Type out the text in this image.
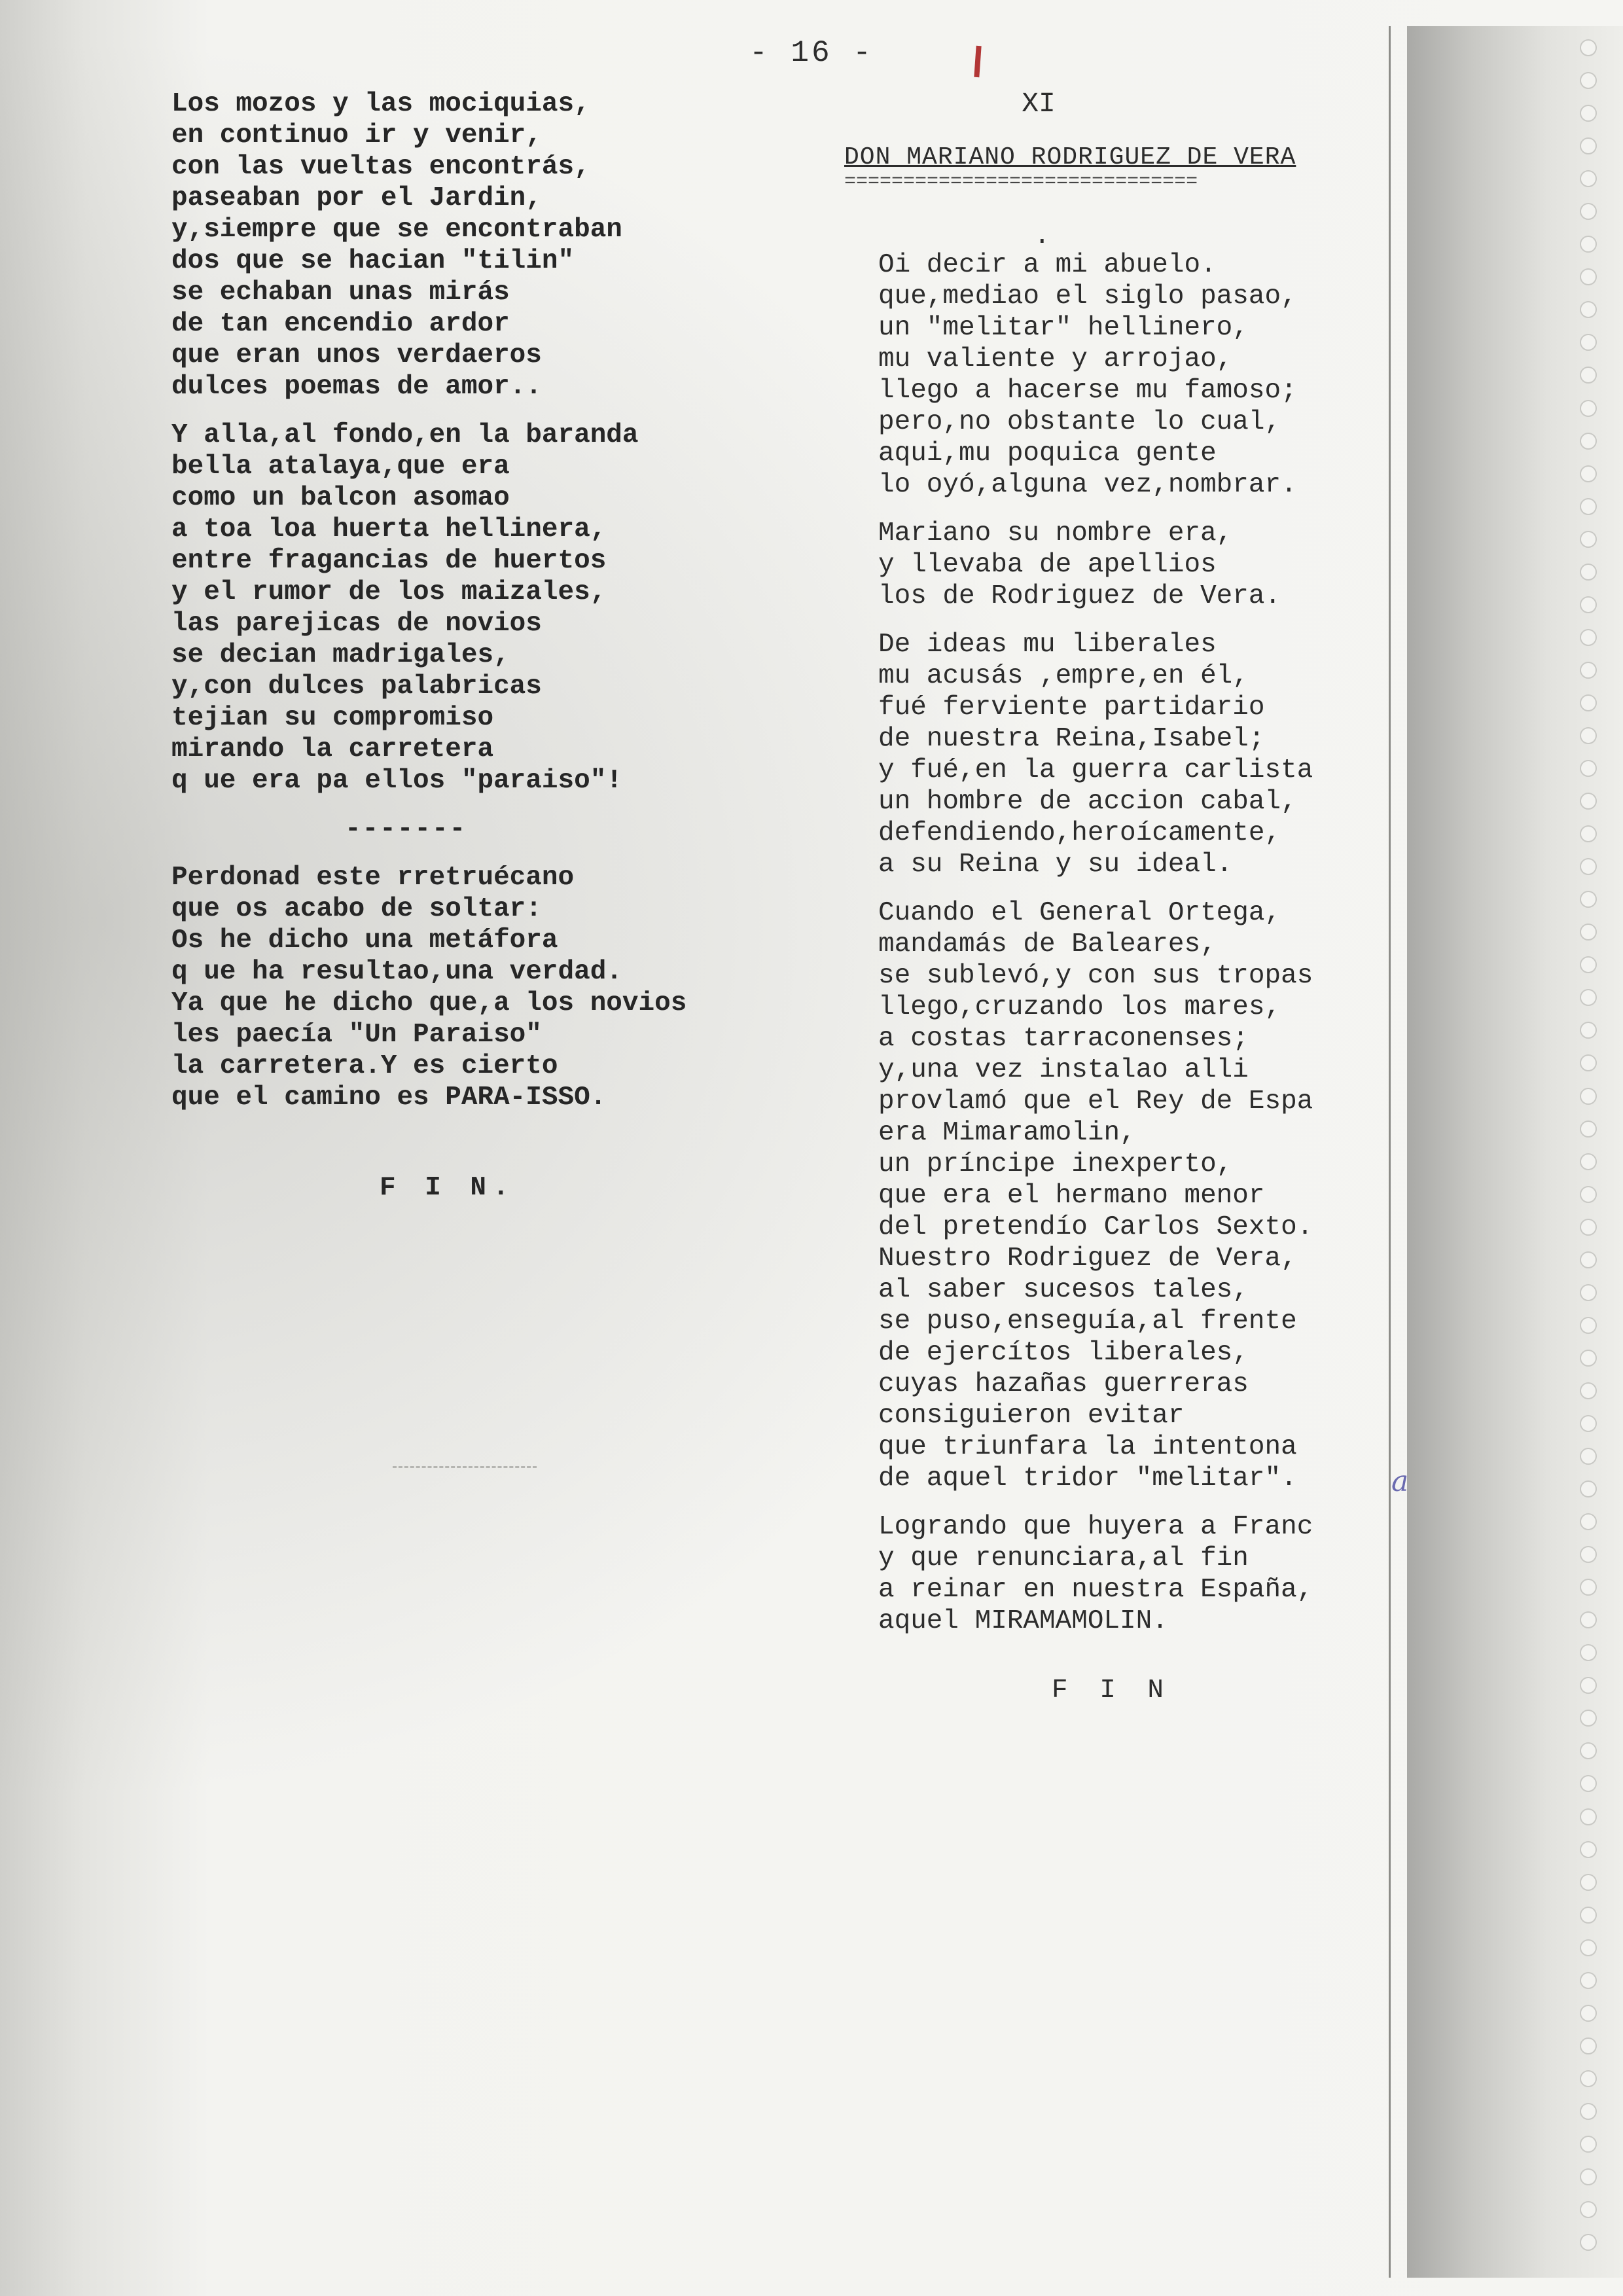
- 16 -
a
Los mozos y las mociquias,
en continuo ir y venir,
con las vueltas encontrás,
paseaban por el Jardin,
y,siempre que se encontraban
dos que se hacian "tilin"
se echaban unas mirás
de tan encendio ardor
que eran unos verdaeros
dulces poemas de amor..
Y alla,al fondo,en la baranda
bella atalaya,que era
como un balcon asomao
a toa loa huerta hellinera,
entre fragancias de huertos
y el rumor de los maizales,
las parejicas de novios
se decian madrigales,
y,con dulces palabricas
tejian su compromiso
mirando la carretera
q ue era pa ellos "paraiso"!
-------
Perdonad este rretruécano
que os acabo de soltar:
Os he dicho una metáfora
q ue ha resultao,una verdad.
Ya que he dicho que,a los novios
les paecía "Un Paraiso"
la carretera.Y es cierto
que el camino es PARA-ISSO.
F I N.
XI
DON MARIANO RODRIGUEZ DE VERA
==============================
.
Oi decir a mi abuelo.
que,mediao el siglo pasao,
un "melitar" hellinero,
mu valiente y arrojao,
llego a hacerse mu famoso;
pero,no obstante lo cual,
aqui,mu poquica gente
lo oyó,alguna vez,nombrar.
Mariano su nombre era,
y llevaba de apellios
los de Rodriguez de Vera.
De ideas mu liberales
mu acusás ,empre,en él,
fué ferviente partidario
de nuestra Reina,Isabel;
y fué,en la guerra carlista
un hombre de accion cabal,
defendiendo,heroícamente,
a su Reina y su ideal.
Cuando el General Ortega,
mandamás de Baleares,
se sublevó,y con sus tropas
llego,cruzando los mares,
a costas tarraconenses;
y,una vez instalao alli
provlamó que el Rey de Espa
era Mimaramolin,
un príncipe inexperto,
que era el hermano menor
del pretendío Carlos Sexto.
Nuestro Rodriguez de Vera,
al saber sucesos tales,
se puso,enseguía,al frente
de ejercítos liberales,
cuyas hazañas guerreras
consiguieron evitar
que triunfara la intentona
de aquel tridor "melitar".
Logrando que huyera a Franc
y que renunciara,al fin
a reinar en nuestra España,
aquel MIRAMAMOLIN.
F I N
